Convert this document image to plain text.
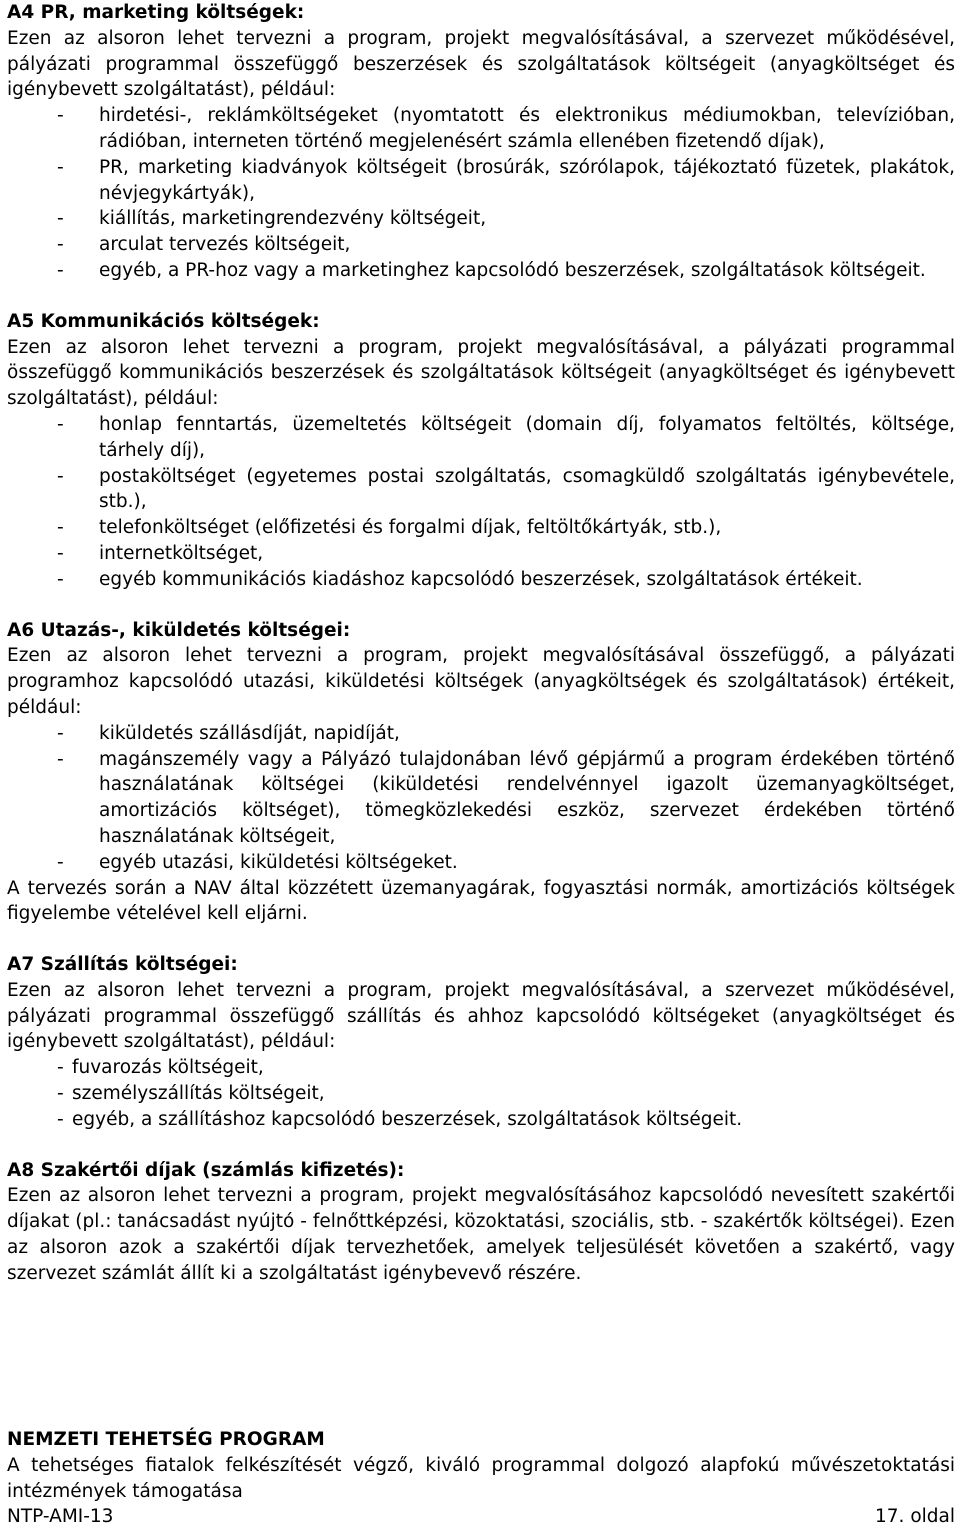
A4 PR, marketing költségek:

Ezen az alsoron lehet tervezni a program, projekt megvalósításával, a szervezet működésével, pályázati programmal összefüggő beszerzések és szolgáltatások költségeit (anyagköltséget és igénybevett szolgáltatást), például:

- hirdetési-, reklámköltségeket (nyomtatott és elektronikus médiumokban, televízióban, rádióban, interneten történő megjelenésért számla ellenében fizetendő díjak),
- PR, marketing kiadványok költségeit (brosúrák, szórólapok, tájékoztató füzetek, plakátok, névjegykártyák),
- kiállítás, marketingrendezvény költségeit,
- arculat tervezés költségeit,
- egyéb, a PR-hoz vagy a marketinghez kapcsolódó beszerzések, szolgáltatások költségeit.
A5 Kommunikációs költségek:

Ezen az alsoron lehet tervezni a program, projekt megvalósításával, a pályázati programmal összefüggő kommunikációs beszerzések és szolgáltatások költségeit (anyagköltséget és igénybevett szolgáltatást), például:

- honlap fenntartás, üzemeltetés költségeit (domain díj, folyamatos feltöltés, költsége, tárhely díj),
- postaköltséget (egyetemes postai szolgáltatás, csomagküldő szolgáltatás igénybevétele, stb.),
- telefonköltséget (előfizetési és forgalmi díjak, feltöltőkártyák, stb.),
- internetköltséget,
- egyéb kommunikációs kiadáshoz kapcsolódó beszerzések, szolgáltatások értékeit.
A6 Utazás-, kiküldetés költségei:

Ezen az alsoron lehet tervezni a program, projekt megvalósításával összefüggő, a pályázati programhoz kapcsolódó utazási, kiküldetési költségek (anyagköltségek és szolgáltatások) értékeit, például:

- kiküldetés szállásdíját, napidíját,
- magánszemély vagy a Pályázó tulajdonában lévő gépjármű a program érdekében történő használatának költségei (kiküldetési rendelvénnyel igazolt üzemanyagköltséget, amortizációs költséget), tömegközlekedési eszköz, szervezet érdekében történő használatának költségeit,
- egyéb utazási, kiküldetési költségeket.

A tervezés során a NAV által közzétett üzemanyagárak, fogyasztási normák, amortizációs költségek figyelembe vételével kell eljárni.

A7 Szállítás költségei:

Ezen az alsoron lehet tervezni a program, projekt megvalósításával, a szervezet működésével, pályázati programmal összefüggő szállítás és ahhoz kapcsolódó költségeket (anyagköltséget és igénybevett szolgáltatást), például:

- fuvarozás költségeit,
- személyszállítás költségeit,
- egyéb, a szállításhoz kapcsolódó beszerzések, szolgáltatások költségeit.
A8 Szakértői díjak (számlás kifizetés):

Ezen az alsoron lehet tervezni a program, projekt megvalósításához kapcsolódó nevesített szakértői díjakat (pl.: tanácsadást nyújtó - felnőttképzési, közoktatási, szociális, stb. - szakértők költségei). Ezen az alsoron azok a szakértői díjak tervezhetőek, amelyek teljesülését követően a szakértő, vagy szervezet számlát állít ki a szolgáltatást igénybevevő részére.

NEMZETI TEHETSÉG PROGRAM

A tehetséges fiatalok felkészítését végző, kiváló programmal dolgozó alapfokú művészetoktatási intézmények támogatása

NTP-AMI-13	17. oldal
